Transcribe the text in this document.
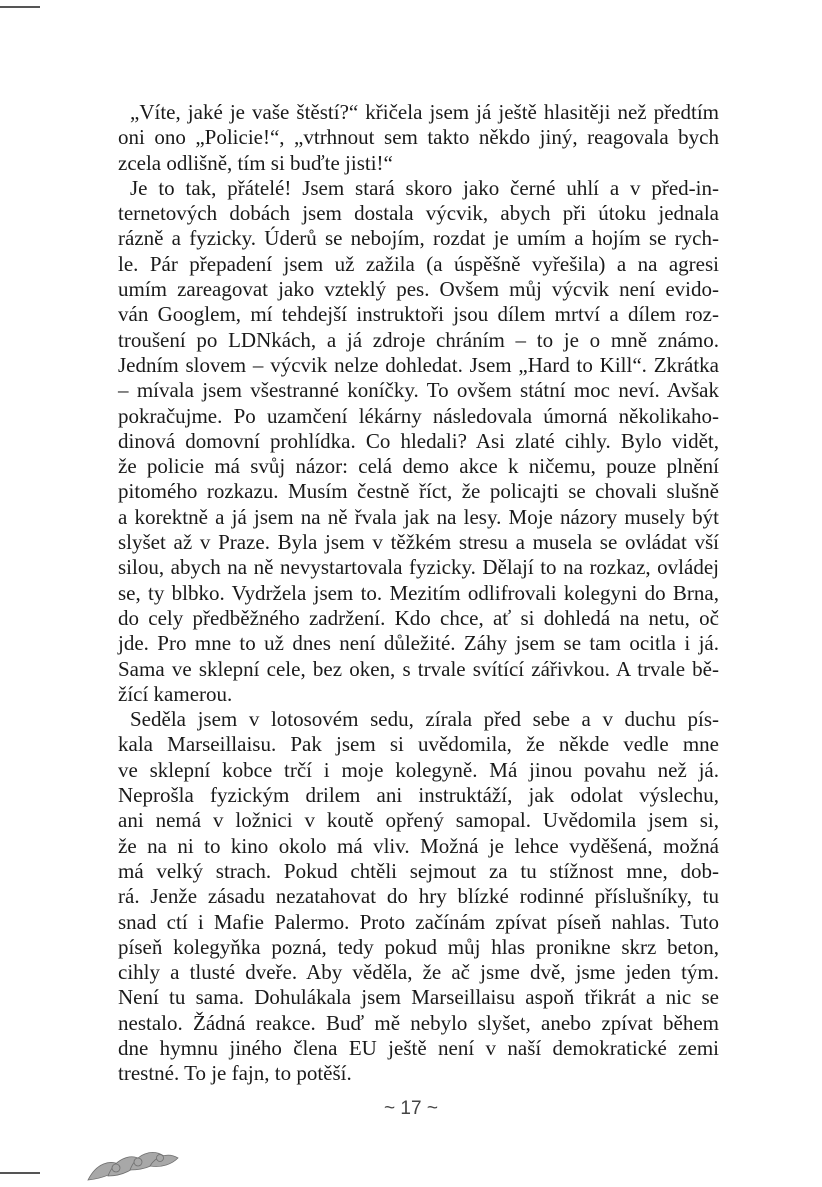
„Víte, jaké je vaše štěstí?“ křičela jsem já ještě hlasitěji než předtím
oni ono „Policie!“, „vtrhnout sem takto někdo jiný, reagovala bych
zcela odlišně, tím si buďte jisti!“
Je to tak, přátelé! Jsem stará skoro jako černé uhlí a v před-in-
ternetových dobách jsem dostala výcvik, abych při útoku jednala
rázně a fyzicky. Úderů se nebojím, rozdat je umím a hojím se rych-
le. Pár přepadení jsem už zažila (a úspěšně vyřešila) a na agresi
umím zareagovat jako vzteklý pes. Ovšem můj výcvik není evido-
ván Googlem, mí tehdejší instruktoři jsou dílem mrtví a dílem roz-
troušení po LDNkách, a já zdroje chráním – to je o mně známo.
Jedním slovem – výcvik nelze dohledat. Jsem „Hard to Kill“. Zkrátka
– mívala jsem všestranné koníčky. To ovšem státní moc neví. Avšak
pokračujme. Po uzamčení lékárny následovala úmorná několikaho-
dinová domovní prohlídka. Co hledali? Asi zlaté cihly. Bylo vidět,
že policie má svůj názor: celá demo akce k ničemu, pouze plnění
pitomého rozkazu. Musím čestně říct, že policajti se chovali slušně
a korektně a já jsem na ně řvala jak na lesy. Moje názory musely být
slyšet až v Praze. Byla jsem v těžkém stresu a musela se ovládat vší
silou, abych na ně nevystartovala fyzicky. Dělají to na rozkaz, ovládej
se, ty blbko. Vydržela jsem to. Mezitím odlifrovali kolegyni do Brna,
do cely předběžného zadržení. Kdo chce, ať si dohledá na netu, oč
jde. Pro mne to už dnes není důležité. Záhy jsem se tam ocitla i já.
Sama ve sklepní cele, bez oken, s trvale svítící zářivkou. A trvale bě-
žící kamerou.
Seděla jsem v lotosovém sedu, zírala před sebe a v duchu pís-
kala Marseillaisu. Pak jsem si uvědomila, že někde vedle mne
ve sklepní kobce trčí i moje kolegyně. Má jinou povahu než já.
Neprošla fyzickým drilem ani instruktáží, jak odolat výslechu,
ani nemá v ložnici v koutě opřený samopal. Uvědomila jsem si,
že na ni to kino okolo má vliv. Možná je lehce vyděšená, možná
má velký strach. Pokud chtěli sejmout za tu stížnost mne, dob-
rá. Jenže zásadu nezatahovat do hry blízké rodinné příslušníky, tu
snad ctí i Mafie Palermo. Proto začínám zpívat píseň nahlas. Tuto
píseň kolegyňka pozná, tedy pokud můj hlas pronikne skrz beton,
cihly a tlusté dveře. Aby věděla, že ač jsme dvě, jsme jeden tým.
Není tu sama. Dohulákala jsem Marseillaisu aspoň třikrát a nic se
nestalo. Žádná reakce. Buď mě nebylo slyšet, anebo zpívat během
dne hymnu jiného člena EU ještě není v naší demokratické zemi
trestné. To je fajn, to potěší.
~ 17 ~
